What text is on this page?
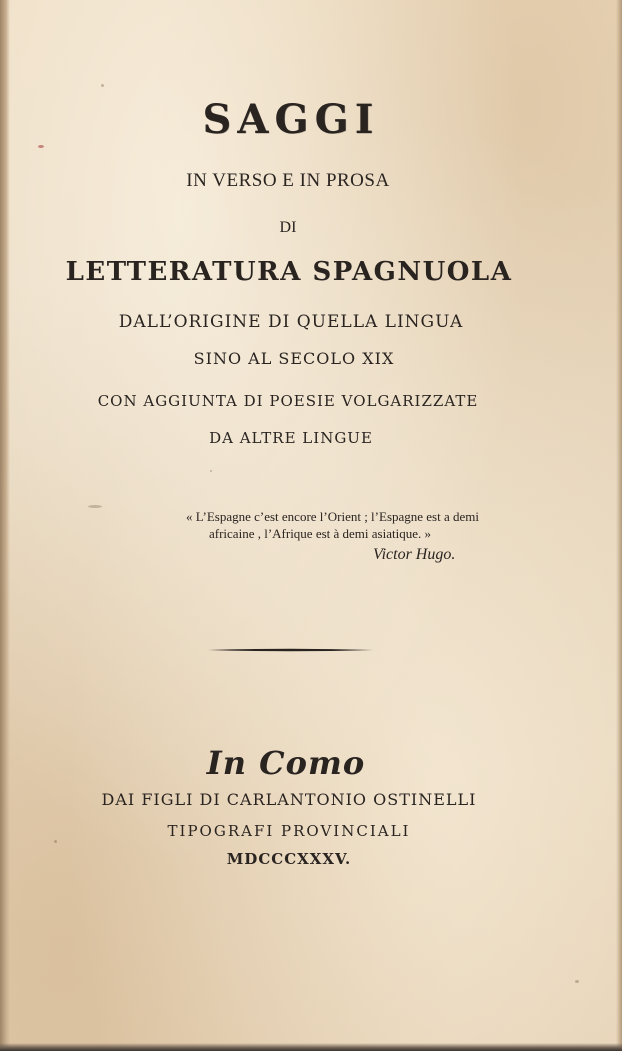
SAGGI
IN VERSO E IN PROSA
DI
LETTERATURA SPAGNUOLA
DALL’ORIGINE DI QUELLA LINGUA
SINO AL SECOLO XIX
CON AGGIUNTA DI POESIE VOLGARIZZATE
DA ALTRE LINGUE
« L’Espagne c’est encore l’Orient ; l’Espagne est a demi
africaine , l’Afrique est à demi asiatique. »
Victor Hugo.
In Como
DAI FIGLI DI CARLANTONIO OSTINELLI
TIPOGRAFI PROVINCIALI
MDCCCXXXV.
